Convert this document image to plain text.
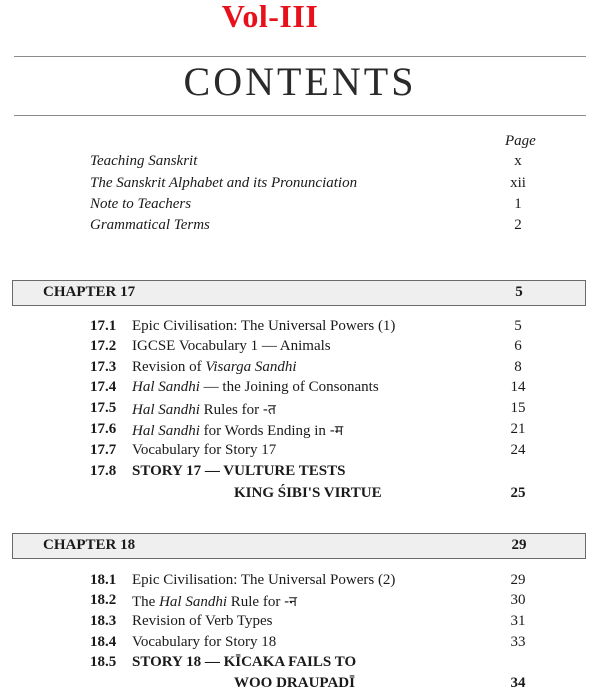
Vol-III
CONTENTS
Page
Teaching Sanskrit	x
The Sanskrit Alphabet and its Pronunciation	xii
Note to Teachers	1
Grammatical Terms	2
CHAPTER 17	5
17.1 Epic Civilisation: The Universal Powers (1)	5
17.2 IGCSE Vocabulary 1 — Animals	6
17.3 Revision of Visarga Sandhi	8
17.4 Hal Sandhi — the Joining of Consonants	14
17.5 Hal Sandhi Rules for -त	15
17.6 Hal Sandhi for Words Ending in -म	21
17.7 Vocabulary for Story 17	24
17.8 STORY 17 — VULTURE TESTS
KING ŚIBI'S VIRTUE	25
CHAPTER 18	29
18.1 Epic Civilisation: The Universal Powers (2)	29
18.2 The Hal Sandhi Rule for -न	30
18.3 Revision of Verb Types	31
18.4 Vocabulary for Story 18	33
18.5 STORY 18 — KĪCAKA FAILS TO
WOO DRAUPADĪ	34
